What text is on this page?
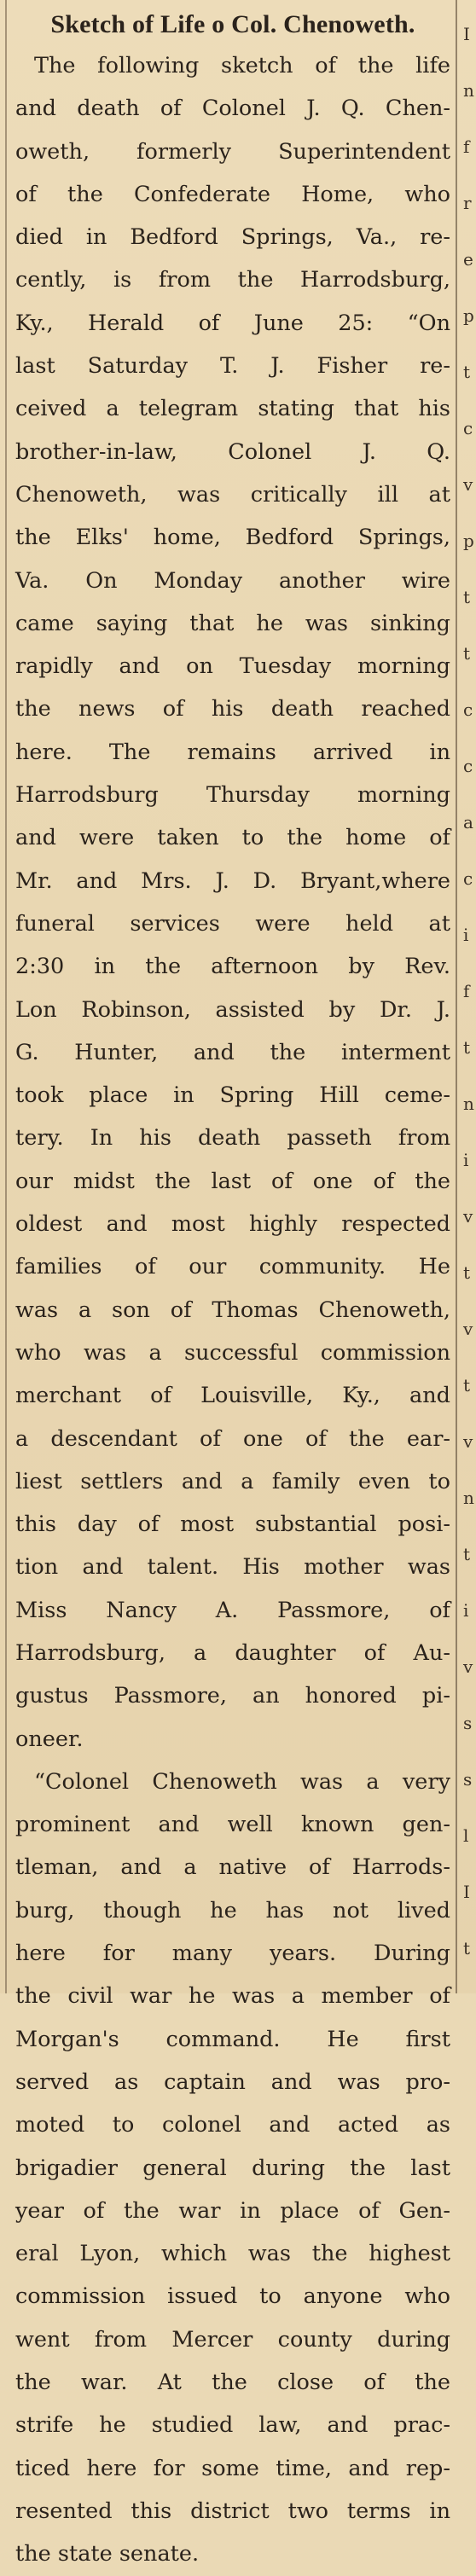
I
n
f
r
e
p
t
c
v
p
t
t
c
c
a
c
i
f
t
n
i
v
t
v
t
v
n
t
i
v
s
s
l
I
t
Sketch of Life o Col. Chenoweth.
The following sketch of the life
and death of Colonel J. Q. Chen-
oweth, formerly Superintendent
of the Confederate Home, who
died in Bedford Springs, Va., re-
cently, is from the Harrodsburg,
Ky., Herald of June 25: “On
last Saturday T. J. Fisher re-
ceived a telegram stating that his
brother-in-law, Colonel J. Q.
Chenoweth, was critically ill at
the Elks' home, Bedford Springs,
Va. On Monday another wire
came saying that he was sinking
rapidly and on Tuesday morning
the news of his death reached
here. The remains arrived in
Harrodsburg Thursday morning
and were taken to the home of
Mr. and Mrs. J. D. Bryant,where
funeral services were held at
2:30 in the afternoon by Rev.
Lon Robinson, assisted by Dr. J.
G. Hunter, and the interment
took place in Spring Hill ceme-
tery. In his death passeth from
our midst the last of one of the
oldest and most highly respected
families of our community. He
was a son of Thomas Chenoweth,
who was a successful commission
merchant of Louisville, Ky., and
a descendant of one of the ear-
liest settlers and a family even to
this day of most substantial posi-
tion and talent. His mother was
Miss Nancy A. Passmore, of
Harrodsburg, a daughter of Au-
gustus Passmore, an honored pi-
oneer.
“Colonel Chenoweth was a very
prominent and well known gen-
tleman, and a native of Harrods-
burg, though he has not lived
here for many years. During
the civil war he was a member of
Morgan's command. He first
served as captain and was pro-
moted to colonel and acted as
brigadier general during the last
year of the war in place of Gen-
eral Lyon, which was the highest
commission issued to anyone who
went from Mercer county during
the war. At the close of the
strife he studied law, and prac-
ticed here for some time, and rep-
resented this district two terms in
the state senate.
